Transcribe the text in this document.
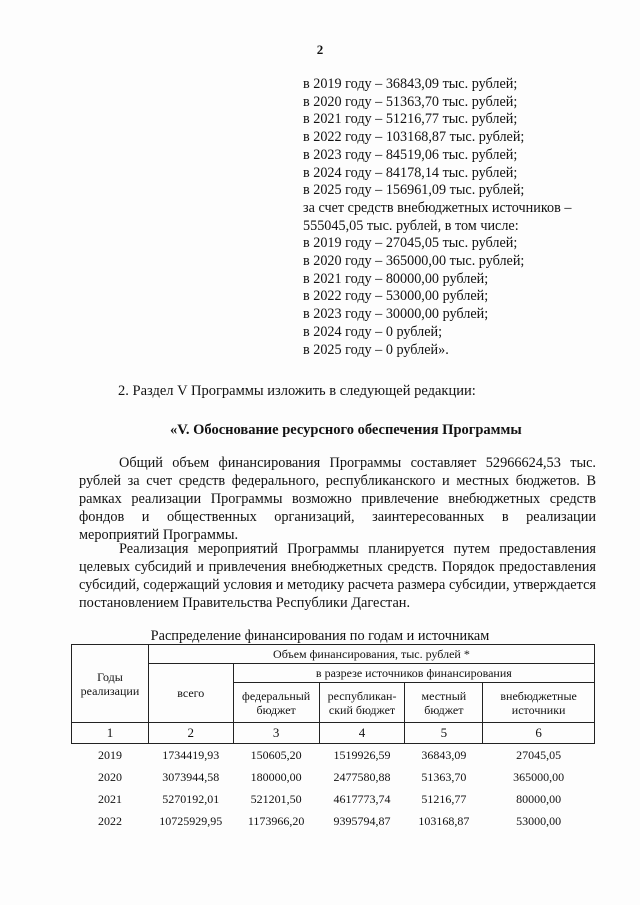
2
в 2019 году – 36843,09 тыс. рублей;
в 2020 году – 51363,70 тыс. рублей;
в 2021 году – 51216,77 тыс. рублей;
в 2022 году – 103168,87 тыс. рублей;
в 2023 году – 84519,06 тыс. рублей;
в 2024 году – 84178,14 тыс. рублей;
в 2025 году – 156961,09 тыс. рублей;
за счет средств внебюджетных источников –
555045,05 тыс. рублей, в том числе:
в 2019 году – 27045,05 тыс. рублей;
в 2020 году – 365000,00 тыс. рублей;
в 2021 году – 80000,00 рублей;
в 2022 году – 53000,00 рублей;
в 2023 году – 30000,00 рублей;
в 2024 году – 0 рублей;
в 2025 году – 0 рублей».
2. Раздел V Программы изложить в следующей редакции:
«V. Обоснование ресурсного обеспечения Программы
Общий объем финансирования Программы составляет 52966624,53 тыс. рублей за счет средств федерального, республиканского и местных бюджетов. В рамках реализации Программы возможно привлечение внебюджетных средств фондов и общественных организаций, заинтересованных в реализации мероприятий Программы.
Реализация мероприятий Программы планируется путем предоставления целевых субсидий и привлечения внебюджетных средств. Порядок предоставления субсидий, содержащий условия и методику расчета размера субсидии, утверждается постановлением Правительства Республики Дагестан.
Распределение финансирования по годам и источникам
Годы реализации	Объем финансирования, тыс. рублей *				
	всего	в разрезе источников финансирования			
		федеральный бюджет	республикан-ский бюджет	местный бюджет	внебюджетные источники
1	2	3	4	5	6
2019	1734419,93	150605,20	1519926,59	36843,09	27045,05
2020	3073944,58	180000,00	2477580,88	51363,70	365000,00
2021	5270192,01	521201,50	4617773,74	51216,77	80000,00
2022	10725929,95	1173966,20	9395794,87	103168,87	53000,00
